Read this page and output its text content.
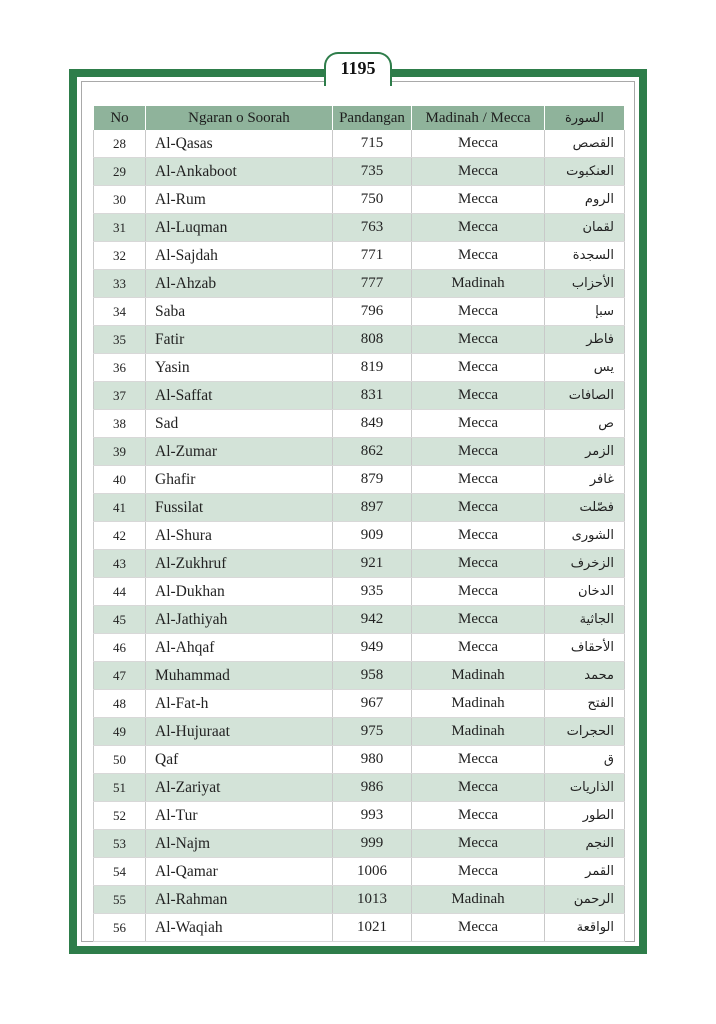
1195
No	Ngaran o Soorah	Pandangan	Madinah / Mecca	السورة
28	Al-Qasas	715	Mecca	القصص
29	Al-Ankaboot	735	Mecca	العنكبوت
30	Al-Rum	750	Mecca	الروم
31	Al-Luqman	763	Mecca	لقمان
32	Al-Sajdah	771	Mecca	السجدة
33	Al-Ahzab	777	Madinah	الأحزاب
34	Saba	796	Mecca	سبإ
35	Fatir	808	Mecca	فاطر
36	Yasin	819	Mecca	يس
37	Al-Saffat	831	Mecca	الصافات
38	Sad	849	Mecca	ص
39	Al-Zumar	862	Mecca	الزمر
40	Ghafir	879	Mecca	غافر
41	Fussilat	897	Mecca	فصّلت
42	Al-Shura	909	Mecca	الشورى
43	Al-Zukhruf	921	Mecca	الزخرف
44	Al-Dukhan	935	Mecca	الدخان
45	Al-Jathiyah	942	Mecca	الجاثية
46	Al-Ahqaf	949	Mecca	الأحقاف
47	Muhammad	958	Madinah	محمد
48	Al-Fat-h	967	Madinah	الفتح
49	Al-Hujuraat	975	Madinah	الحجرات
50	Qaf	980	Mecca	ق
51	Al-Zariyat	986	Mecca	الذاريات
52	Al-Tur	993	Mecca	الطور
53	Al-Najm	999	Mecca	النجم
54	Al-Qamar	1006	Mecca	القمر
55	Al-Rahman	1013	Madinah	الرحمن
56	Al-Waqiah	1021	Mecca	الواقعة
